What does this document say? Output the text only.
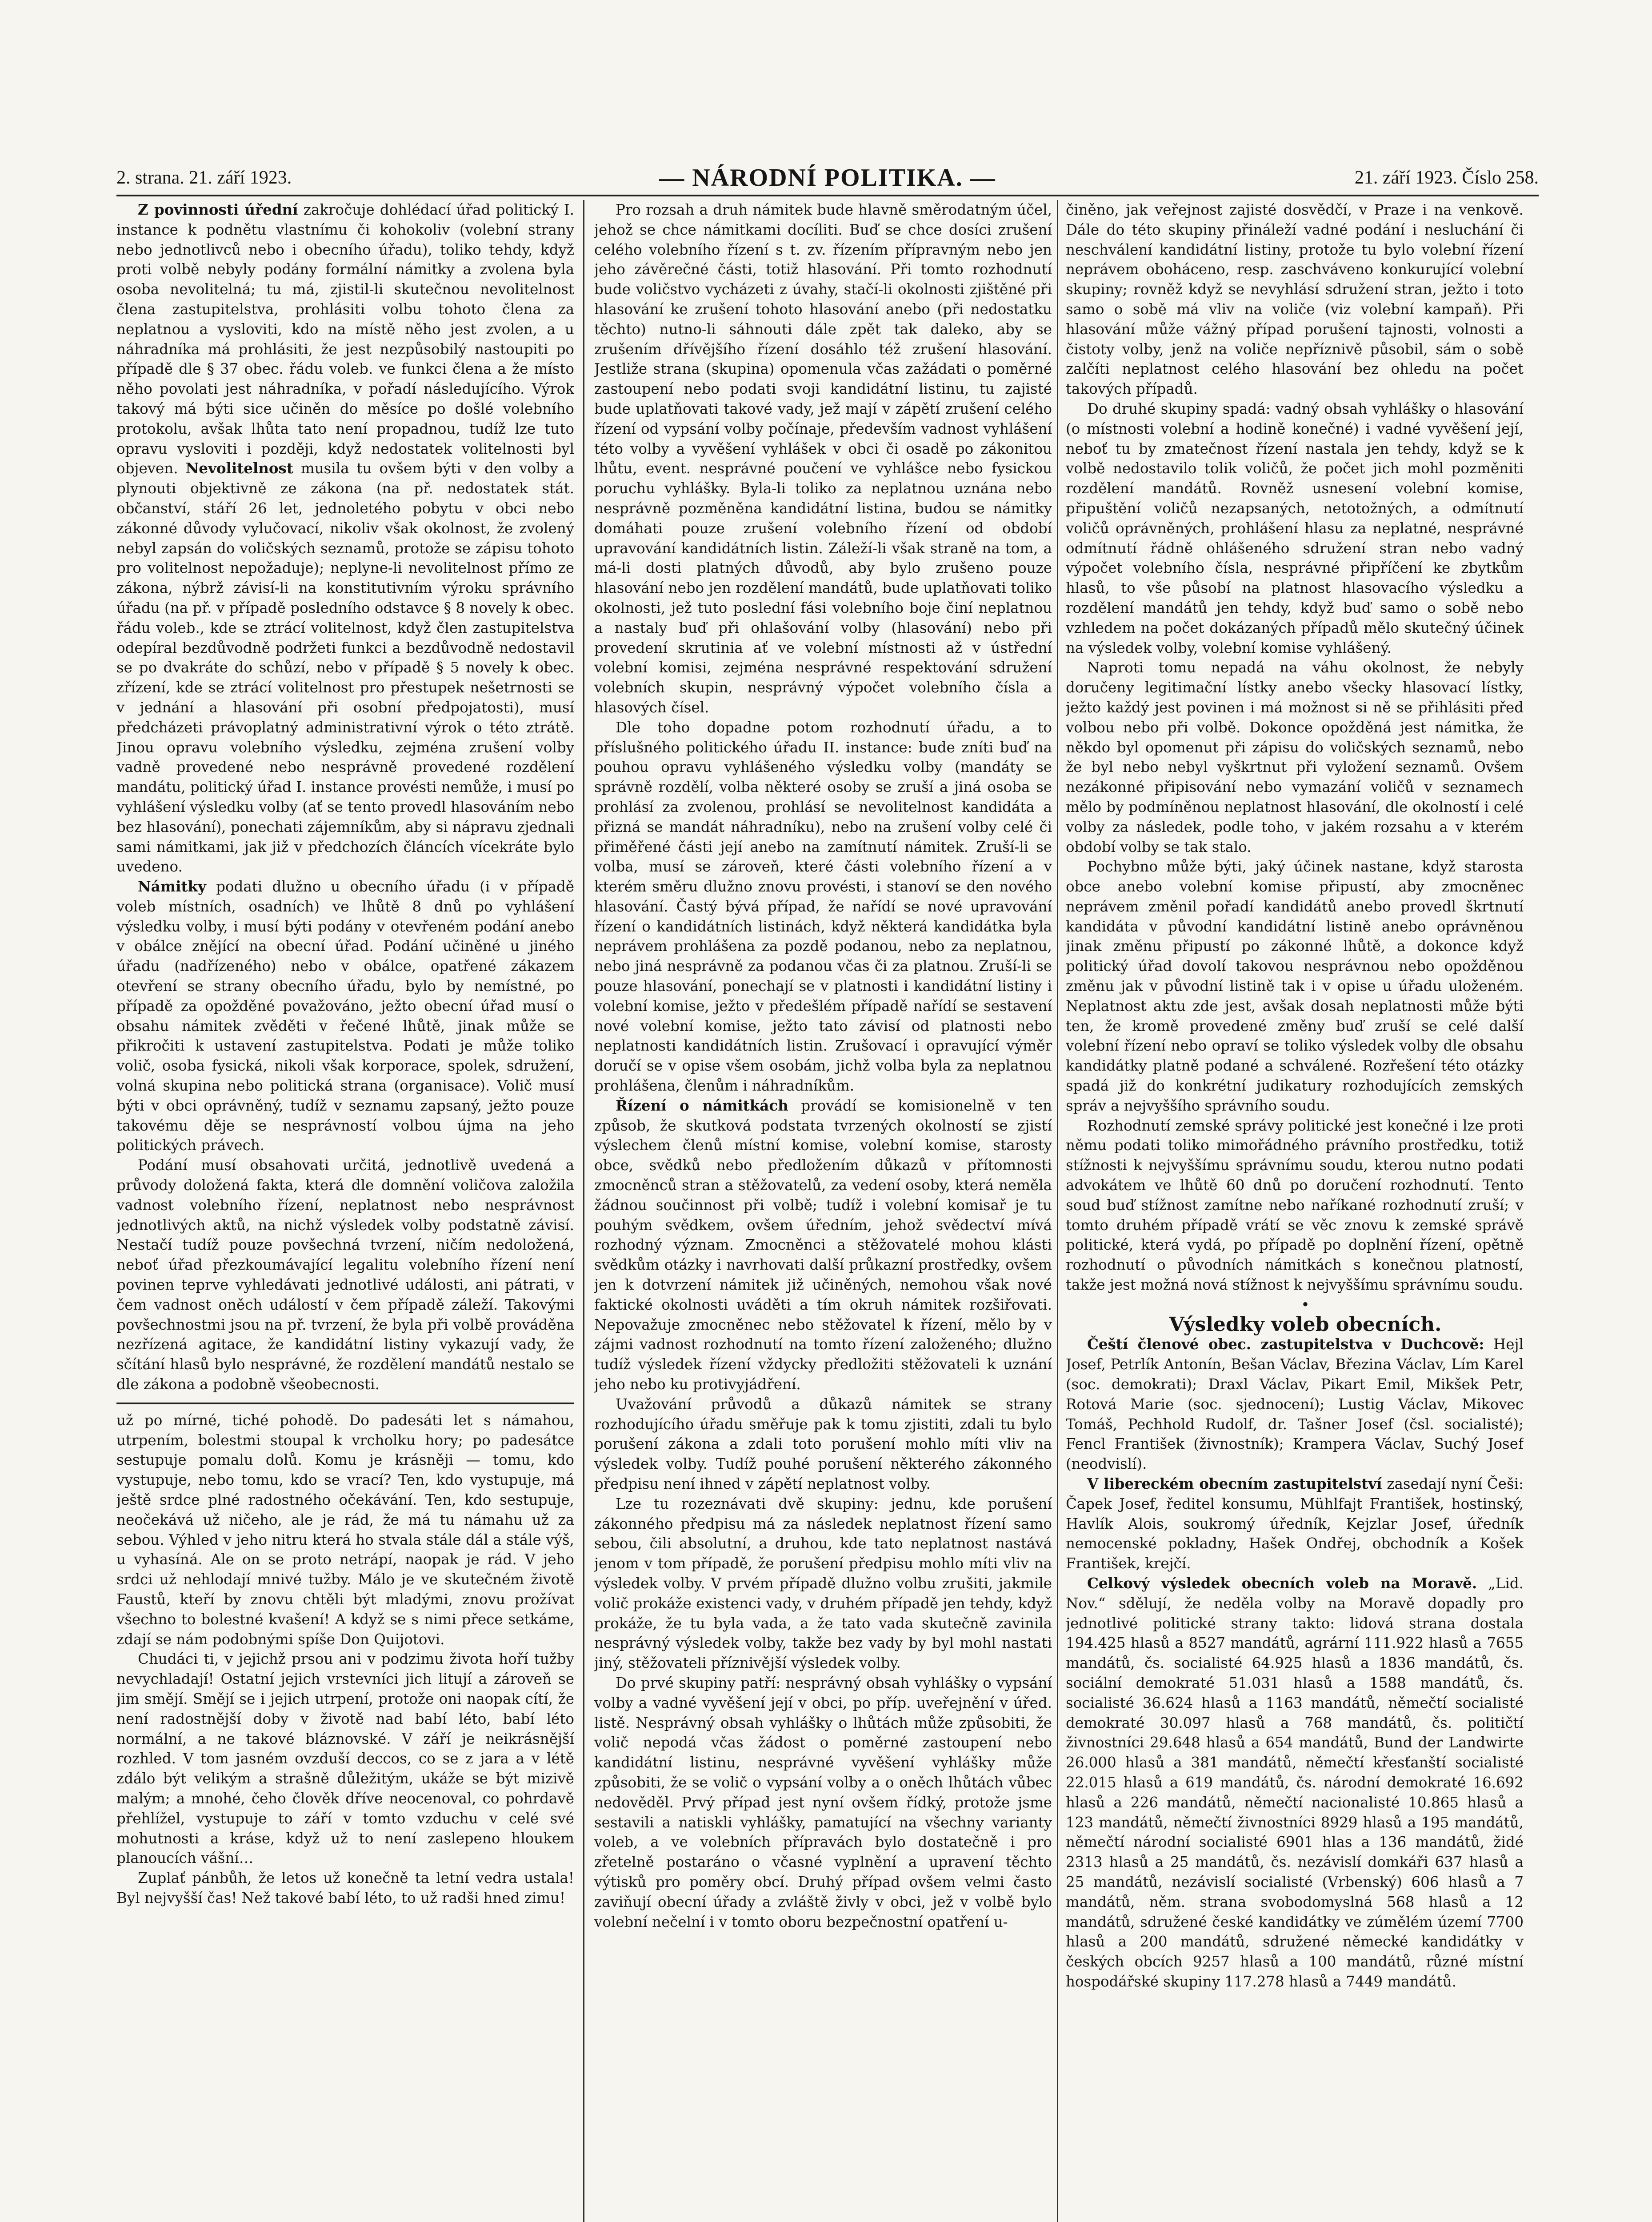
2. strana. 21. září 1923.	— NÁRODNÍ POLITIKA. —	21. září 1923. Číslo 258.

Z povinnosti úřední zakročuje dohlédací úřad politický I. instance k podnětu vlastnímu či kohokoliv (volební strany nebo jednotlivců nebo i obecního úřadu), toliko tehdy, když proti volbě nebyly podány formální námitky a zvolena byla osoba nevolitelná; tu má, zjistil-li skutečnou nevolitelnost člena zastupitelstva, prohlásiti volbu tohoto člena za neplatnou a vysloviti, kdo na místě něho jest zvolen, a u náhradníka má prohlásiti, že jest nezpůsobilý nastoupiti po případě dle § 37 obec. řádu voleb. ve funkci člena a že místo něho povolati jest náhradníka, v pořadí následujícího. Výrok takový má býti sice učiněn do měsíce po došlé volebního protokolu, avšak lhůta tato není propadnou, tudíž lze tuto opravu vysloviti i později, když nedostatek volitelnosti byl objeven. Nevolitelnost musila tu ovšem býti v den volby a plynouti objektivně ze zákona (na př. nedostatek stát. občanství, stáří 26 let, jednoletého pobytu v obci nebo zákonné důvody vylučovací, nikoliv však okolnost, že zvolený nebyl zapsán do voličských seznamů, protože se zápisu tohoto pro volitelnost nepožaduje); neplyne-li nevolitelnost přímo ze zákona, nýbrž závisí-li na konstitutivním výroku správního úřadu (na př. v případě posledního odstavce § 8 novely k obec. řádu voleb., kde se ztrácí volitelnost, když člen zastupitelstva odepíral bezdůvodně podržeti funkci a bezdůvodně nedostavil se po dvakráte do schůzí, nebo v případě § 5 novely k obec. zřízení, kde se ztrácí volitelnost pro přestupek nešetrnosti se v jednání a hlasování při osobní předpojatosti), musí předcházeti právoplatný administrativní výrok o této ztrátě. Jinou opravu volebního výsledku, zejména zrušení volby vadně provedené nebo nesprávně provedené rozdělení mandátu, politický úřad I. instance provésti nemůže, i musí po vyhlášení výsledku volby (ať se tento provedl hlasováním nebo bez hlasování), ponechati zájemníkům, aby si nápravu zjednali sami námitkami, jak již v předchozích článcích vícekráte bylo uvedeno.

Námitky podati dlužno u obecního úřadu (i v případě voleb místních, osadních) ve lhůtě 8 dnů po vyhlášení výsledku volby, i musí býti podány v otevřeném podání anebo v obálce znějící na obecní úřad. Podání učiněné u jiného úřadu (nadřízeného) nebo v obálce, opatřené zákazem otevření se strany obecního úřadu, bylo by nemístné, po případě za opožděné považováno, ježto obecní úřad musí o obsahu námitek zvěděti v řečené lhůtě, jinak může se přikročiti k ustavení zastupitelstva. Podati je může toliko volič, osoba fysická, nikoli však korporace, spolek, sdružení, volná skupina nebo politická strana (organisace). Volič musí býti v obci oprávněný, tudíž v seznamu zapsaný, ježto pouze takovému děje se nesprávností volbou újma na jeho politických právech.

Podání musí obsahovati určitá, jednotlivě uvedená a průvody doložená fakta, která dle domnění voličova založila vadnost volebního řízení, neplatnost nebo nesprávnost jednotlivých aktů, na nichž výsledek volby podstatně závisí. Nestačí tudíž pouze povšechná tvrzení, ničím nedoložená, neboť úřad přezkoumávající legalitu volebního řízení není povinen teprve vyhledávati jednotlivé události, ani pátrati, v čem vadnost oněch událostí v čem případě záleží. Takovými povšechnostmi jsou na př. tvrzení, že byla při volbě prováděna nezřízená agitace, že kandidátní listiny vykazují vady, že sčítání hlasů bylo nesprávné, že rozdělení mandátů nestalo se dle zákona a podobně všeobecnosti.

už po mírné, tiché pohodě. Do padesáti let s námahou, utrpením, bolestmi stoupal k vrcholku hory; po padesátce sestupuje pomalu dolů. Komu je krásněji — tomu, kdo vystupuje, nebo tomu, kdo se vrací? Ten, kdo vystupuje, má ještě srdce plné radostného očekávání. Ten, kdo sestupuje, neočekává už ničeho, ale je rád, že má tu námahu už za sebou. Výhled v jeho nitru která ho stvala stále dál a stále výš, u vyhasíná. Ale on se proto netrápí, naopak je rád. V jeho srdci už nehlodají mnivé tužby. Málo je ve skutečném životě Faustů, kteří by znovu chtěli být mladými, znovu prožívat všechno to bolestné kvašení! A když se s nimi přece setkáme, zdají se nám podobnými spíše Don Quijotovi.

Chudáci ti, v jejichž prsou ani v podzimu života hoří tužby nevychladají! Ostatní jejich vrstevníci jich litují a zároveň se jim smějí. Smějí se i jejich utrpení, protože oni naopak cítí, že není radostnější doby v životě nad babí léto, babí léto normální, a ne takové bláznovské. V září je neikrásnější rozhled. V tom jasném ovzduší deccos, co se z jara a v létě zdálo být velikým a strašně důležitým, ukáže se být mizivě malým; a mnohé, čeho člověk dříve neocenoval, co pohrdavě přehlížel, vystupuje to září v tomto vzduchu v celé své mohutnosti a kráse, když už to není zaslepeno hloukem planoucích vášní…

Zuplať pánbůh, že letos už konečně ta letní vedra ustala! Byl nejvyšší čas! Než takové babí léto, to už radši hned zimu!

Pro rozsah a druh námitek bude hlavně směrodatným účel, jehož se chce námitkami docíliti. Buď se chce dosíci zrušení celého volebního řízení s t. zv. řízením přípravným nebo jen jeho závěrečné části, totiž hlasování. Při tomto rozhodnutí bude voličstvo vycházeti z úvahy, stačí-li okolnosti zjištěné při hlasování ke zrušení tohoto hlasování anebo (při nedostatku těchto) nutno-li sáhnouti dále zpět tak daleko, aby se zrušením dřívějšího řízení dosáhlo též zrušení hlasování. Jestliže strana (skupina) opomenula včas zažádati o poměrné zastoupení nebo podati svoji kandidátní listinu, tu zajisté bude uplatňovati takové vady, jež mají v zápětí zrušení celého řízení od vypsání volby počínaje, především vadnost vyhlášení této volby a vyvěšení vyhlášek v obci či osadě po zákonitou lhůtu, event. nesprávné poučení ve vyhlášce nebo fysickou poruchu vyhlášky. Byla-li toliko za neplatnou uznána nebo nesprávně pozměněna kandidátní listina, budou se námitky domáhati pouze zrušení volebního řízení od období upravování kandidátních listin. Záleží-li však straně na tom, a má-li dosti platných důvodů, aby bylo zrušeno pouze hlasování nebo jen rozdělení mandátů, bude uplatňovati toliko okolnosti, jež tuto poslední fási volebního boje činí neplatnou a nastaly buď při ohlašování volby (hlasování) nebo při provedení skrutinia ať ve volební místnosti až v ústřední volební komisi, zejména nesprávné respektování sdružení volebních skupin, nesprávný výpočet volebního čísla a hlasových čísel.

Dle toho dopadne potom rozhodnutí úřadu, a to příslušného politického úřadu II. instance: bude zníti buď na pouhou opravu vyhlášeného výsledku volby (mandáty se správně rozdělí, volba některé osoby se zruší a jiná osoba se prohlásí za zvolenou, prohlásí se nevolitelnost kandidáta a přizná se mandát náhradníku), nebo na zrušení volby celé či přiměřené části její anebo na zamítnutí námitek. Zruší-li se volba, musí se zároveň, které části volebního řízení a v kterém směru dlužno znovu provésti, i stanoví se den nového hlasování. Častý bývá případ, že nařídí se nové upravování řízení o kandidátních listinách, když některá kandidátka byla neprávem prohlášena za pozdě podanou, nebo za neplatnou, nebo jiná nesprávně za podanou včas či za platnou. Zruší-li se pouze hlasování, ponechají se v platnosti i kandidátní listiny i volební komise, ježto v předešlém případě nařídí se sestavení nové volební komise, ježto tato závisí od platnosti nebo neplatnosti kandidátních listin. Zrušovací i opravující výměr doručí se v opise všem osobám, jichž volba byla za neplatnou prohlášena, členům i náhradníkům.

Řízení o námitkách provádí se komisionelně v ten způsob, že skutková podstata tvrzených okolností se zjistí výslechem členů místní komise, volební komise, starosty obce, svědků nebo předložením důkazů v přítomnosti zmocněnců stran a stěžovatelů, za vedení osoby, která neměla žádnou součinnost při volbě; tudíž i volební komisař je tu pouhým svědkem, ovšem úředním, jehož svědectví mívá rozhodný význam. Zmocněnci a stěžovatelé mohou klásti svědkům otázky i navrhovati další průkazní prostředky, ovšem jen k dotvrzení námitek již učiněných, nemohou však nové faktické okolnosti uváděti a tím okruh námitek rozšiřovati. Nepovažuje zmocněnec nebo stěžovatel k řízení, mělo by v zájmi vadnost rozhodnutí na tomto řízení založeného; dlužno tudíž výsledek řízení vždycky předložiti stěžovateli k uznání jeho nebo ku protivyjádření.

Uvažování průvodů a důkazů námitek se strany rozhodujícího úřadu směřuje pak k tomu zjistiti, zdali tu bylo porušení zákona a zdali toto porušení mohlo míti vliv na výsledek volby. Tudíž pouhé porušení některého zákonného předpisu není ihned v zápětí neplatnost volby.

Lze tu rozeznávati dvě skupiny: jednu, kde porušení zákonného předpisu má za následek neplatnost řízení samo sebou, čili absolutní, a druhou, kde tato neplatnost nastává jenom v tom případě, že porušení předpisu mohlo míti vliv na výsledek volby. V prvém případě dlužno volbu zrušiti, jakmile volič prokáže existenci vady, v druhém případě jen tehdy, když prokáže, že tu byla vada, a že tato vada skutečně zavinila nesprávný výsledek volby, takže bez vady by byl mohl nastati jiný, stěžovateli příznivější výsledek volby.

Do prvé skupiny patří: nesprávný obsah vyhlášky o vypsání volby a vadné vyvěšení její v obci, po příp. uveřejnění v úřed. listě. Nesprávný obsah vyhlášky o lhůtách může způsobiti, že volič nepodá včas žádost o poměrné zastoupení nebo kandidátní listinu, nesprávné vyvěšení vyhlášky může způsobiti, že se volič o vypsání volby a o oněch lhůtách vůbec nedověděl. Prvý případ jest nyní ovšem řídký, protože jsme sestavili a natiskli vyhlášky, pamatující na všechny varianty voleb, a ve volebních přípravách bylo dostatečně i pro zřetelně postaráno o včasné vyplnění a upravení těchto výtisků pro poměry obcí. Druhý případ ovšem velmi často zaviňují obecní úřady a zvláště živly v obci, jež v volbě bylo volební nečelní i v tomto oboru bezpečnostní opatření u-

činěno, jak veřejnost zajisté dosvědčí, v Praze i na venkově. Dále do této skupiny přináleží vadné podání i nesluchání či neschválení kandidátní listiny, protože tu bylo volební řízení neprávem oboháceno, resp. zaschváveno konkurující volební skupiny; rovněž když se nevyhlásí sdružení stran, ježto i toto samo o sobě má vliv na voliče (viz volební kampaň). Při hlasování může vážný případ porušení tajnosti, volnosti a čistoty volby, jenž na voliče nepříznivě působil, sám o sobě zalčíti neplatnost celého hlasování bez ohledu na počet takových případů.

Do druhé skupiny spadá: vadný obsah vyhlášky o hlasování (o místnosti volební a hodině konečné) i vadné vyvěšení její, neboť tu by zmatečnost řízení nastala jen tehdy, když se k volbě nedostavilo tolik voličů, že počet jich mohl pozměniti rozdělení mandátů. Rovněž usnesení volební komise, připuštění voličů nezapsaných, netotožných, a odmítnutí voličů oprávněných, prohlášení hlasu za neplatné, nesprávné odmítnutí řádně ohlášeného sdružení stran nebo vadný výpočet volebního čísla, nesprávné připříčení ke zbytkům hlasů, to vše působí na platnost hlasovacího výsledku a rozdělení mandátů jen tehdy, když buď samo o sobě nebo vzhledem na počet dokázaných případů mělo skutečný účinek na výsledek volby, volební komise vyhlášený.

Naproti tomu nepadá na váhu okolnost, že nebyly doručeny legitimační lístky anebo všecky hlasovací lístky, ježto každý jest povinen i má možnost si ně se přihlásiti před volbou nebo při volbě. Dokonce opožděná jest námitka, že někdo byl opomenut při zápisu do voličských seznamů, nebo že byl nebo nebyl vyškrtnut při vyložení seznamů. Ovšem nezákonné připisování nebo vymazání voličů v seznamech mělo by podmíněnou neplatnost hlasování, dle okolností i celé volby za následek, podle toho, v jakém rozsahu a v kterém období volby se tak stalo.

Pochybno může býti, jaký účinek nastane, když starosta obce anebo volební komise připustí, aby zmocněnec neprávem změnil pořadí kandidátů anebo provedl škrtnutí kandidáta v původní kandidátní listině anebo oprávněnou jinak změnu připustí po zákonné lhůtě, a dokonce když politický úřad dovolí takovou nesprávnou nebo opožděnou změnu jak v původní listině tak i v opise u úřadu uloženém. Neplatnost aktu zde jest, avšak dosah neplatnosti může býti ten, že kromě provedené změny buď zruší se celé další volební řízení nebo opraví se toliko výsledek volby dle obsahu kandidátky platně podané a schválené. Rozřešení této otázky spadá již do konkrétní judikatury rozhodujících zemských správ a nejvyššího správního soudu.

Rozhodnutí zemské správy politické jest konečné i lze proti němu podati toliko mimořádného právního prostředku, totiž stížnosti k nejvyššímu správnímu soudu, kterou nutno podati advokátem ve lhůtě 60 dnů po doručení rozhodnutí. Tento soud buď stížnost zamítne nebo naříkané rozhodnutí zruší; v tomto druhém případě vrátí se věc znovu k zemské správě politické, která vydá, po případě po doplnění řízení, opětně rozhodnutí o původních námitkách s konečnou platností, takže jest možná nová stížnost k nejvyššímu správnímu soudu.

•

Výsledky voleb obecních.

Čeští členové obec. zastupitelstva v Duchcově: Hejl Josef, Petrlík Antonín, Bešan Václav, Březina Václav, Lím Karel (soc. demokrati); Draxl Václav, Pikart Emil, Mikšek Petr, Rotová Marie (soc. sjednocení); Lustig Václav, Mikovec Tomáš, Pechhold Rudolf, dr. Tašner Josef (čsl. socialisté); Fencl František (živnostník); Krampera Václav, Suchý Josef (neodvislí).

V libereckém obecním zastupitelství zasedají nyní Češi: Čapek Josef, ředitel konsumu, Mühlfajt František, hostinský, Havlík Alois, soukromý úředník, Kejzlar Josef, úředník nemocenské pokladny, Hašek Ondřej, obchodník a Košek František, krejčí.

Celkový výsledek obecních voleb na Moravě. „Lid. Nov.“ sdělují, že neděla volby na Moravě dopadly pro jednotlivé politické strany takto: lidová strana dostala 194.425 hlasů a 8527 mandátů, agrární 111.922 hlasů a 7655 mandátů, čs. socialisté 64.925 hlasů a 1836 mandátů, čs. sociální demokraté 51.031 hlasů a 1588 mandátů, čs. socialisté 36.624 hlasů a 1163 mandátů, němečtí socialisté demokraté 30.097 hlasů a 768 mandátů, čs. političtí živnostníci 29.648 hlasů a 654 mandátů, Bund der Landwirte 26.000 hlasů a 381 mandátů, němečtí křesťanští socialisté 22.015 hlasů a 619 mandátů, čs. národní demokraté 16.692 hlasů a 226 mandátů, němečtí nacionalisté 10.865 hlasů a 123 mandátů, němečtí živnostníci 8929 hlasů a 195 mandátů, němečtí národní socialisté 6901 hlas a 136 mandátů, židé 2313 hlasů a 25 mandátů, čs. nezávislí domkáři 637 hlasů a 25 mandátů, nezávislí socialisté (Vrbenský) 606 hlasů a 7 mandátů, něm. strana svobodomyslná 568 hlasů a 12 mandátů, sdružené české kandidátky ve zúmělém území 7700 hlasů a 200 mandátů, sdružené německé kandidátky v českých obcích 9257 hlasů a 100 mandátů, různé místní hospodářské skupiny 117.278 hlasů a 7449 mandátů.
